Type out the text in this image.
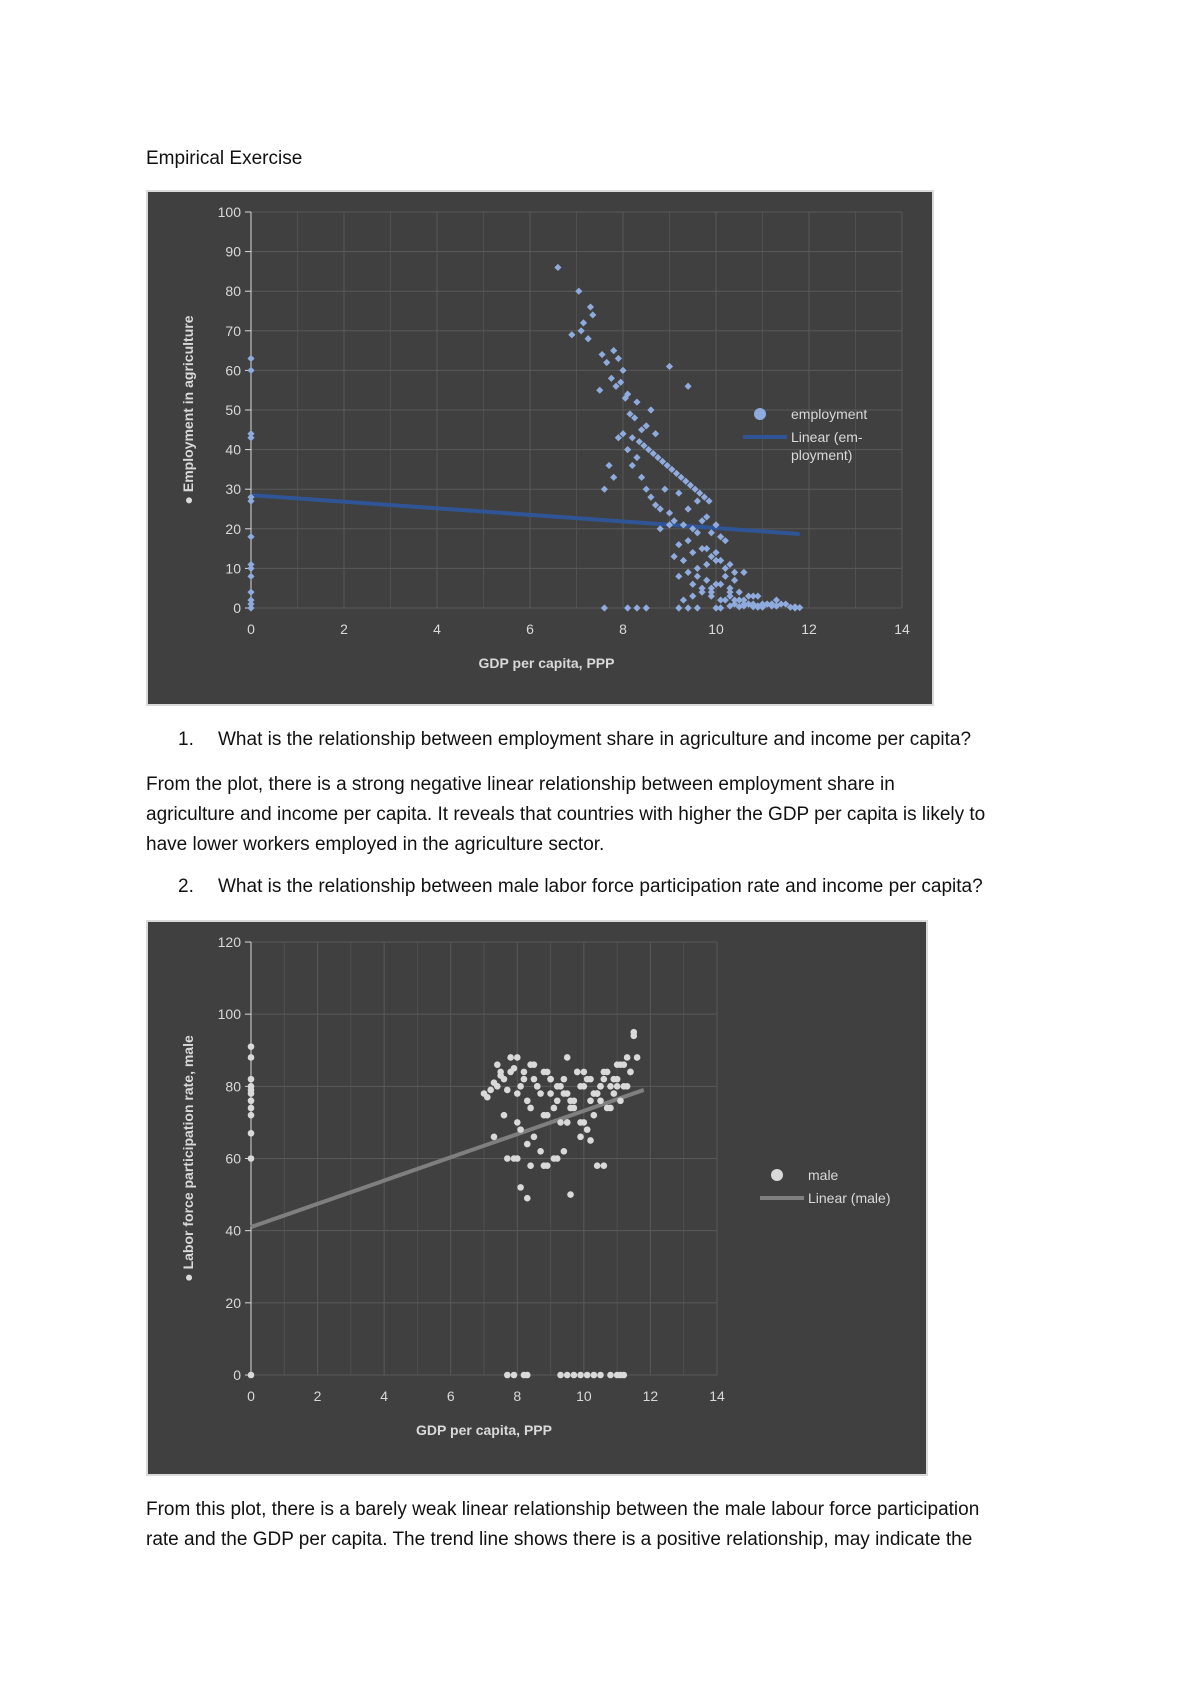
Empirical Exercise
0
10
20
30
40
50
60
70
80
90
100
0	2	4	6	8	10	12	14
GDP per capita, PPP
● Employment in agriculture	employment
Linear (em-
ployment)
1. What is the relationship between employment share in agriculture and income per capita?
From the plot, there is a strong negative linear relationship between employment share in
agriculture and income per capita. It reveals that countries with higher the GDP per capita is likely to
have lower workers employed in the agriculture sector.
2. What is the relationship between male labor force participation rate and income per capita?
0
20
40
60
80
100
120
0	2	4	6	8	10	12	14
GDP per capita, PPP
● Labor force participation rate, male	male
Linear (male)
From this plot, there is a barely weak linear relationship between the male labour force participation
rate and the GDP per capita. The trend line shows there is a positive relationship, may indicate the
